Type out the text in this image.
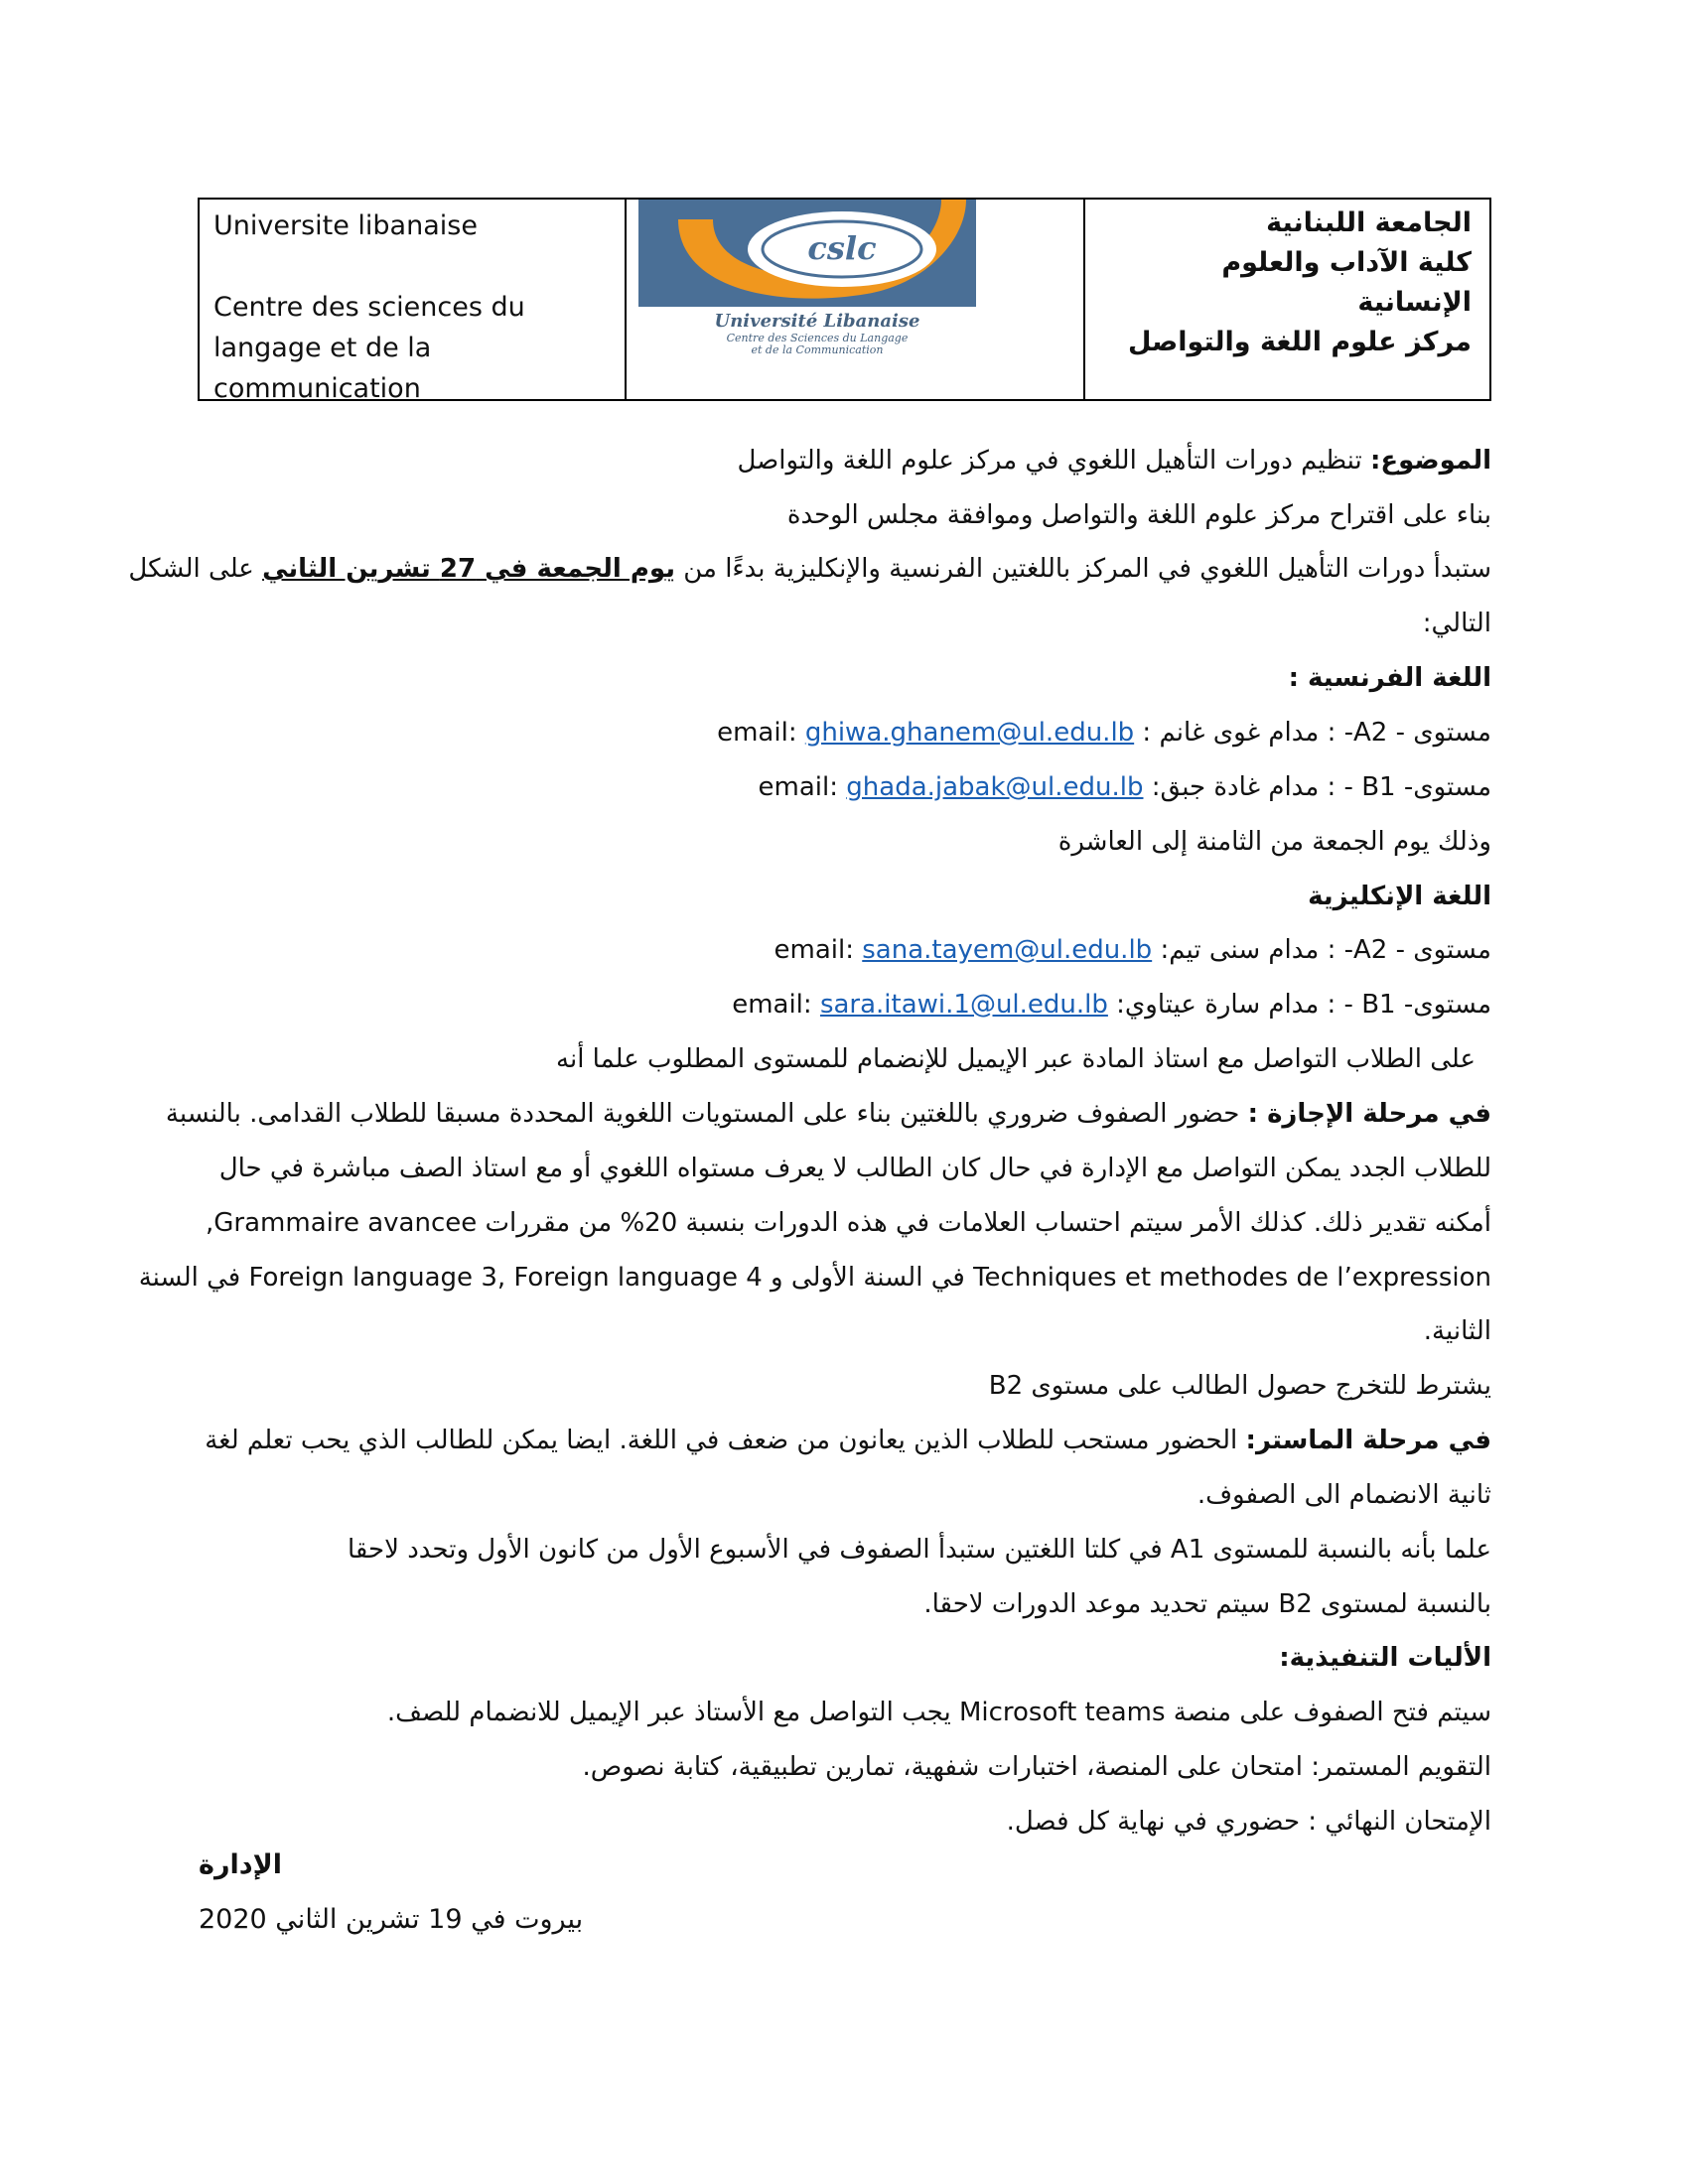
Universite libanaise
Centre des sciences du
langage et de la
communication
cslc
Université Libanaise
Centre des Sciences du Langage
et de la Communication
الجامعة اللبنانية
كلية الآداب والعلوم الإنسانية
مركز علوم اللغة والتواصل
الموضوع: تنظيم دورات التأهيل اللغوي في مركز علوم اللغة والتواصل
بناء على اقتراح مركز علوم اللغة والتواصل وموافقة مجلس الوحدة
ستبدأ دورات التأهيل اللغوي في المركز باللغتين الفرنسية والإنكليزية بدءًا من يوم الجمعة في 27 تشرين الثاني على الشكل
التالي:
اللغة الفرنسية :
مستوى - A2- : مدام غوى غانم : email: ghiwa.ghanem@ul.edu.lb
مستوى- B1 - : مدام غادة جبق: email: ghada.jabak@ul.edu.lb
وذلك يوم الجمعة من الثامنة إلى العاشرة
اللغة الإنكليزية
مستوى - A2- : مدام سنى تيم: email: sana.tayem@ul.edu.lb
مستوى- B1 - : مدام سارة عيتاوي: email: sara.itawi.1@ul.edu.lb
على الطلاب التواصل مع استاذ المادة عبر الإيميل للإنضمام للمستوى المطلوب علما أنه
في مرحلة الإجازة : حضور الصفوف ضروري باللغتين بناء على المستويات اللغوية المحددة مسبقا للطلاب القدامى. بالنسبة
للطلاب الجدد يمكن التواصل مع الإدارة في حال كان الطالب لا يعرف مستواه اللغوي أو مع استاذ الصف مباشرة في حال
أمكنه تقدير ذلك. كذلك الأمر سيتم احتساب العلامات في هذه الدورات بنسبة 20% من مقررات Grammaire avancee,
Techniques et methodes de l’expression في السنة الأولى و Foreign language 3, Foreign language 4 في السنة
الثانية.
يشترط للتخرج حصول الطالب على مستوى B2
في مرحلة الماستر: الحضور مستحب للطلاب الذين يعانون من ضعف في اللغة. ايضا يمكن للطالب الذي يحب تعلم لغة
ثانية الانضمام الى الصفوف.
علما بأنه بالنسبة للمستوى A1 في كلتا اللغتين ستبدأ الصفوف في الأسبوع الأول من كانون الأول وتحدد لاحقا
بالنسبة لمستوى B2 سيتم تحديد موعد الدورات لاحقا.
الأليات التنفيذية:
سيتم فتح الصفوف على منصة Microsoft teams يجب التواصل مع الأستاذ عبر الإيميل للانضمام للصف.
التقويم المستمر: امتحان على المنصة، اختبارات شفهية، تمارين تطبيقية، كتابة نصوص.
الإمتحان النهائي : حضوري في نهاية كل فصل.
الإدارة
بيروت في 19 تشرين الثاني 2020
